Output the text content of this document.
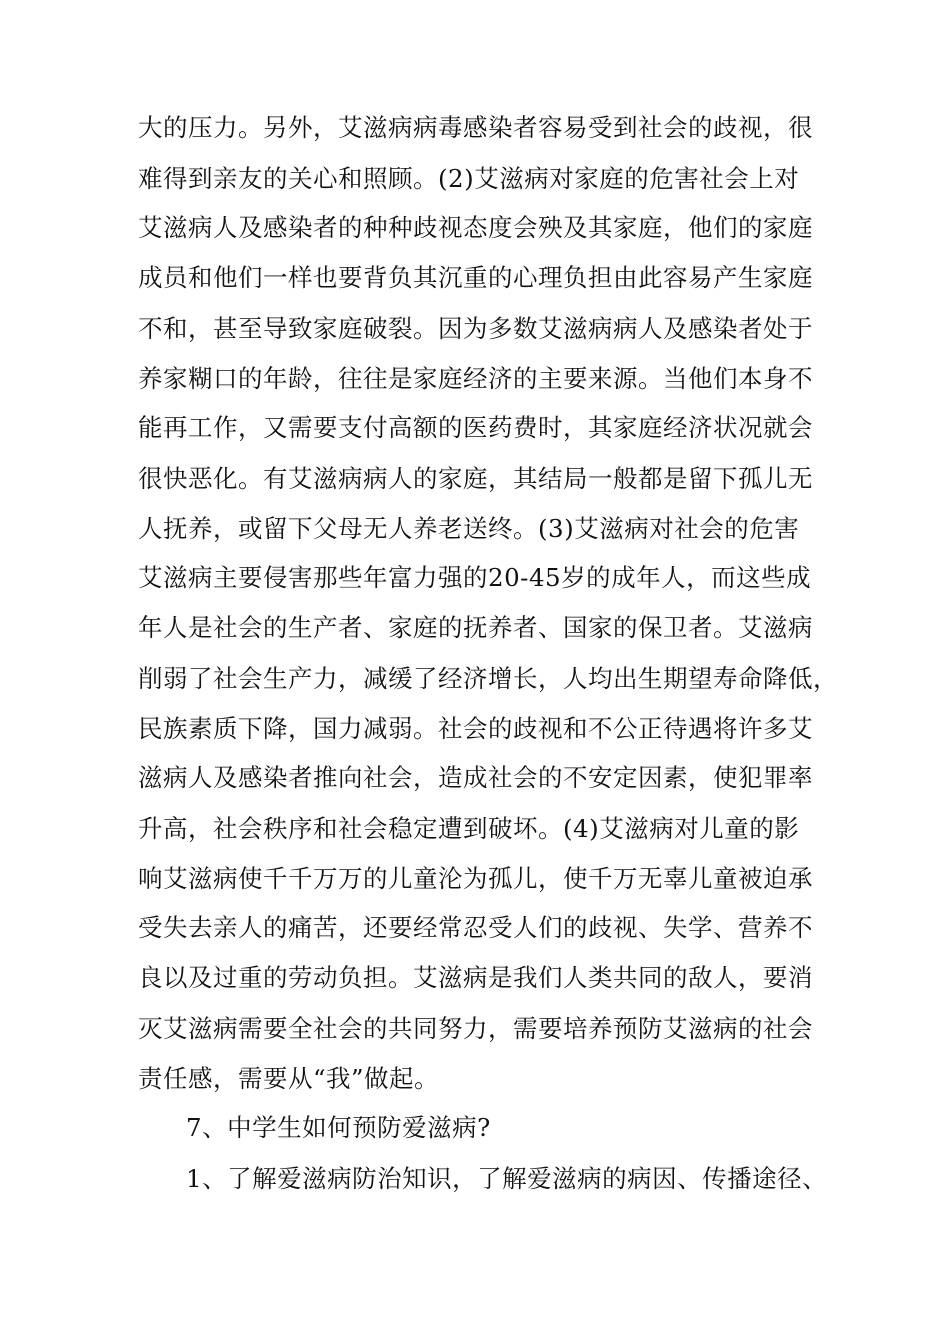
大的压力。另外，艾滋病病毒感染者容易受到社会的歧视，很
难得到亲友的关心和照顾。(2)艾滋病对家庭的危害社会上对
艾滋病人及感染者的种种歧视态度会殃及其家庭，他们的家庭
成员和他们一样也要背负其沉重的心理负担由此容易产生家庭
不和，甚至导致家庭破裂。因为多数艾滋病病人及感染者处于
养家糊口的年龄，往往是家庭经济的主要来源。当他们本身不
能再工作，又需要支付高额的医药费时，其家庭经济状况就会
很快恶化。有艾滋病病人的家庭，其结局一般都是留下孤儿无
人抚养，或留下父母无人养老送终。(3)艾滋病对社会的危害
艾滋病主要侵害那些年富力强的20-45岁的成年人，而这些成
年人是社会的生产者、家庭的抚养者、国家的保卫者。艾滋病
削弱了社会生产力，减缓了经济增长，人均出生期望寿命降低，
民族素质下降，国力减弱。社会的歧视和不公正待遇将许多艾
滋病人及感染者推向社会，造成社会的不安定因素，使犯罪率
升高，社会秩序和社会稳定遭到破坏。(4)艾滋病对儿童的影
响艾滋病使千千万万的儿童沦为孤儿，使千万无辜儿童被迫承
受失去亲人的痛苦，还要经常忍受人们的歧视、失学、营养不
良以及过重的劳动负担。艾滋病是我们人类共同的敌人，要消
灭艾滋病需要全社会的共同努力，需要培养预防艾滋病的社会
责任感，需要从“我”做起。
7、中学生如何预防爱滋病?
1、了解爱滋病防治知识，了解爱滋病的病因、传播途径、
